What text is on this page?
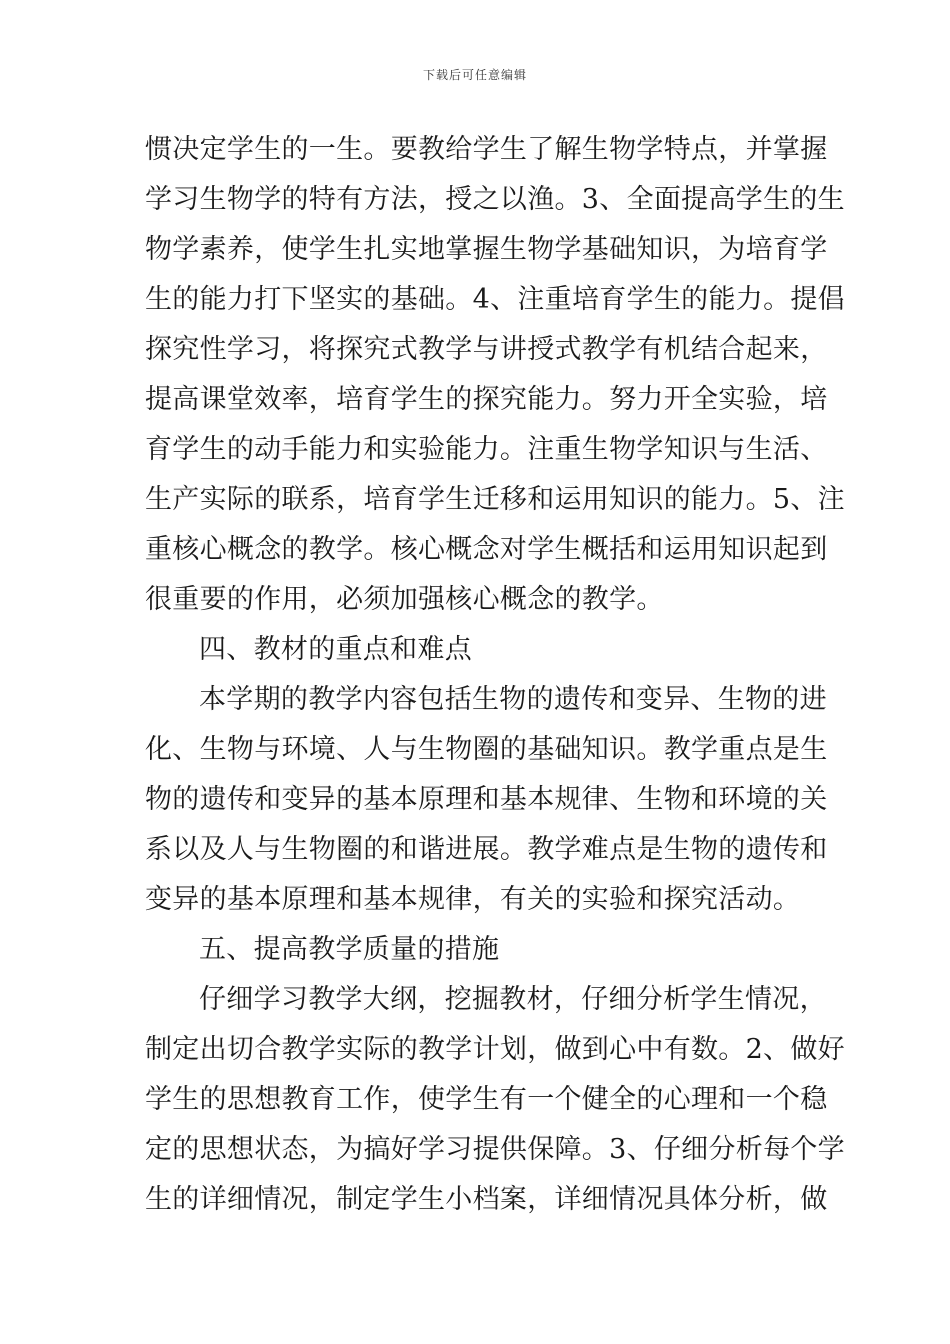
下载后可任意编辑
惯决定学生的一生。要教给学生了解生物学特点，并掌握
学习生物学的特有方法，授之以渔。3、全面提高学生的生
物学素养，使学生扎实地掌握生物学基础知识，为培育学
生的能力打下坚实的基础。4、注重培育学生的能力。提倡
探究性学习，将探究式教学与讲授式教学有机结合起来，
提高课堂效率，培育学生的探究能力。努力开全实验，培
育学生的动手能力和实验能力。注重生物学知识与生活、
生产实际的联系，培育学生迁移和运用知识的能力。5、注
重核心概念的教学。核心概念对学生概括和运用知识起到
很重要的作用，必须加强核心概念的教学。
四、教材的重点和难点
本学期的教学内容包括生物的遗传和变异、生物的进
化、生物与环境、人与生物圈的基础知识。教学重点是生
物的遗传和变异的基本原理和基本规律、生物和环境的关
系以及人与生物圈的和谐进展。教学难点是生物的遗传和
变异的基本原理和基本规律，有关的实验和探究活动。
五、提高教学质量的措施
仔细学习教学大纲，挖掘教材，仔细分析学生情况，
制定出切合教学实际的教学计划，做到心中有数。2、做好
学生的思想教育工作，使学生有一个健全的心理和一个稳
定的思想状态，为搞好学习提供保障。3、仔细分析每个学
生的详细情况，制定学生小档案，详细情况具体分析，做
